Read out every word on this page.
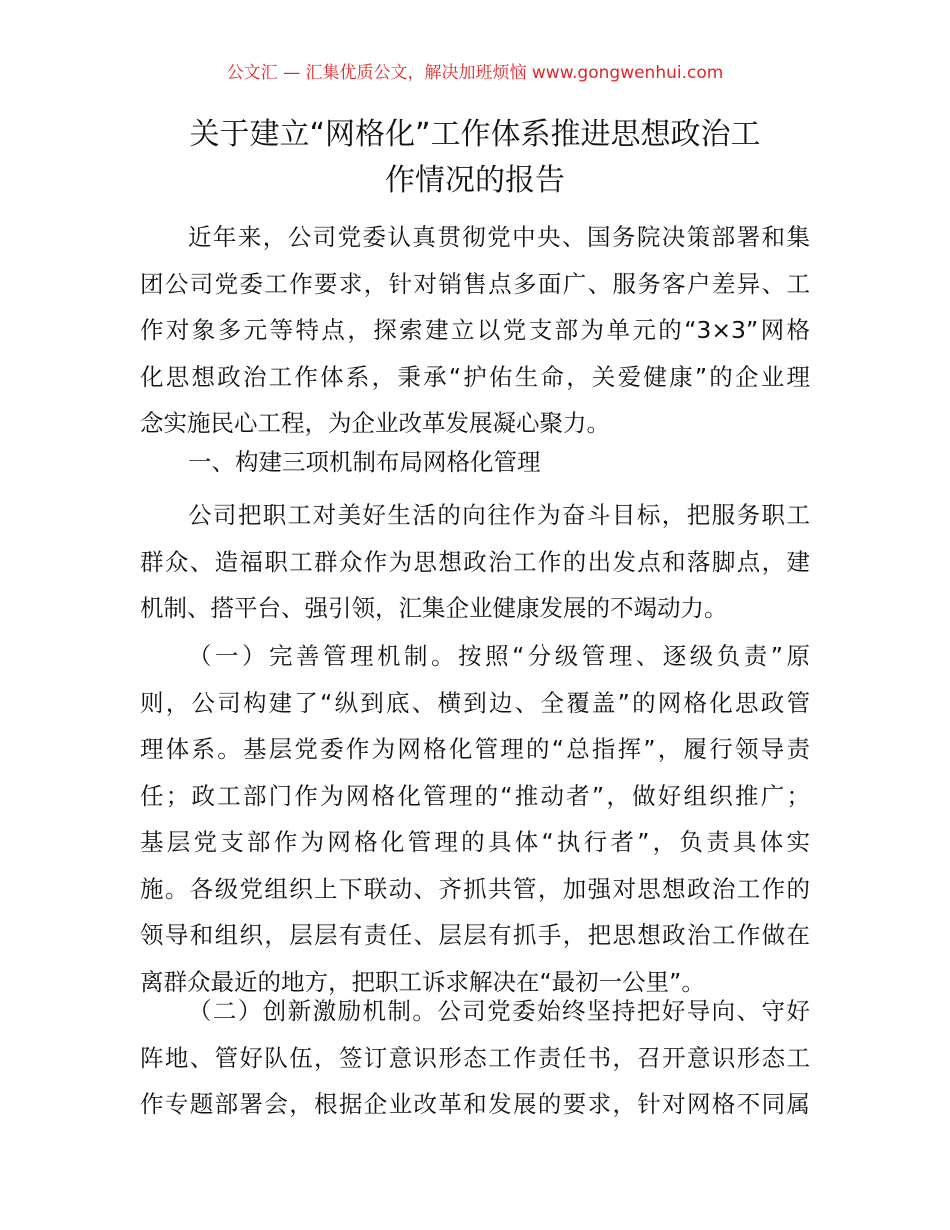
公文汇 — 汇集优质公文，解决加班烦恼 www.gongwenhui.com
关于建立“网格化”工作体系推进思想政治工
作情况的报告
近年来，公司党委认真贯彻党中央、国务院决策部署和集
团公司党委工作要求，针对销售点多面广、服务客户差异、工
作对象多元等特点，探索建立以党支部为单元的“3×3”网格
化思想政治工作体系，秉承“护佑生命，关爱健康”的企业理
念实施民心工程，为企业改革发展凝心聚力。
一、构建三项机制布局网格化管理
公司把职工对美好生活的向往作为奋斗目标，把服务职工
群众、造福职工群众作为思想政治工作的出发点和落脚点，建
机制、搭平台、强引领，汇集企业健康发展的不竭动力。
（一）完善管理机制。按照“分级管理、逐级负责”原
则，公司构建了“纵到底、横到边、全覆盖”的网格化思政管
理体系。基层党委作为网格化管理的“总指挥”，履行领导责
任；政工部门作为网格化管理的“推动者”，做好组织推广；
基层党支部作为网格化管理的具体“执行者”，负责具体实
施。各级党组织上下联动、齐抓共管，加强对思想政治工作的
领导和组织，层层有责任、层层有抓手，把思想政治工作做在
离群众最近的地方，把职工诉求解决在“最初一公里”。
（二）创新激励机制。公司党委始终坚持把好导向、守好
阵地、管好队伍，签订意识形态工作责任书，召开意识形态工
作专题部署会，根据企业改革和发展的要求，针对网格不同属
